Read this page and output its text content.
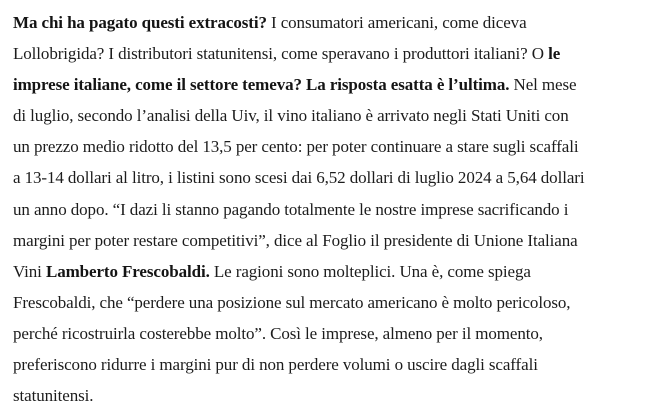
Ma chi ha pagato questi extracosti? I consumatori americani, come diceva
Lollobrigida? I distributori statunitensi, come speravano i produttori italiani? O le
imprese italiane, come il settore temeva? La risposta esatta è l’ultima. Nel mese
di luglio, secondo l’analisi della Uiv, il vino italiano è arrivato negli Stati Uniti con
un prezzo medio ridotto del 13,5 per cento: per poter continuare a stare sugli scaffali
a 13-14 dollari al litro, i listini sono scesi dai 6,52 dollari di luglio 2024 a 5,64 dollari
un anno dopo. “I dazi li stanno pagando totalmente le nostre imprese sacrificando i
margini per poter restare competitivi”, dice al Foglio il presidente di Unione Italiana
Vini Lamberto Frescobaldi. Le ragioni sono molteplici. Una è, come spiega
Frescobaldi, che “perdere una posizione sul mercato americano è molto pericoloso,
perché ricostruirla costerebbe molto”. Così le imprese, almeno per il momento,
preferiscono ridurre i margini pur di non perdere volumi o uscire dagli scaffali
statunitensi.
